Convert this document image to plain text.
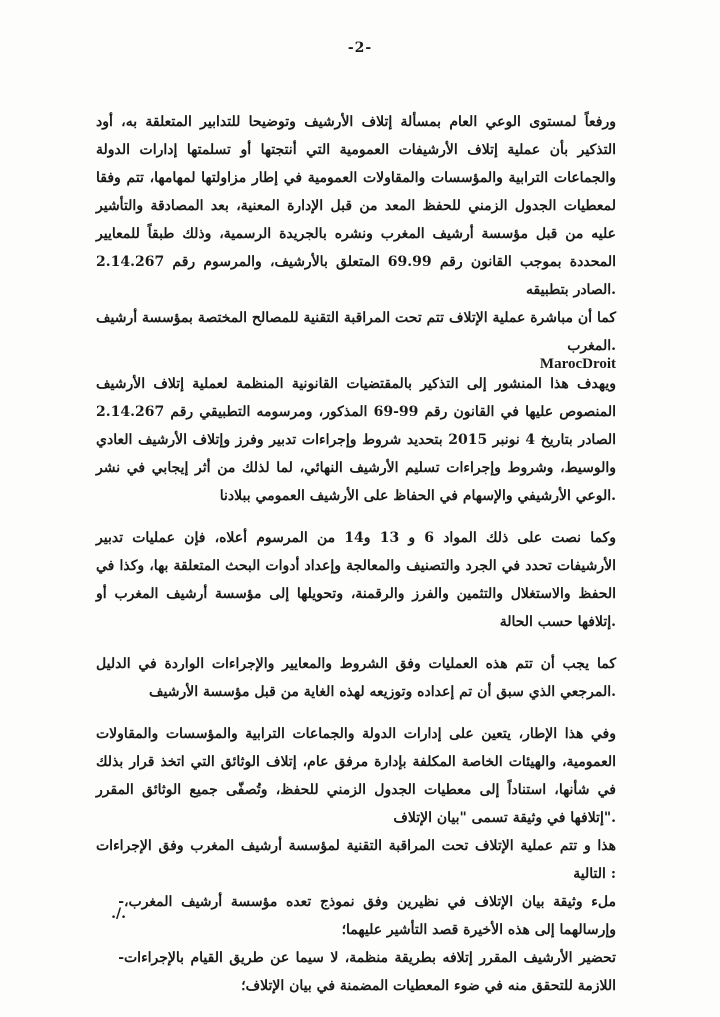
-2-

ورفعاً لمستوى الوعي العام بمسألة إتلاف الأرشيف وتوضيحا للتدابير المتعلقة به، أود التذكير بأن عملية إتلاف الأرشيفات العمومية التي أنتجتها أو تسلمتها إدارات الدولة والجماعات الترابية والمؤسسات والمقاولات العمومية في إطار مزاولتها لمهامها، تتم وفقا لمعطيات الجدول الزمني للحفظ المعد من قبل الإدارة المعنية، بعد المصادقة والتأشير عليه من قبل مؤسسة أرشيف المغرب ونشره بالجريدة الرسمية، وذلك طبقاً للمعايير المحددة بموجب القانون رقم 69.99 المتعلق بالأرشيف، والمرسوم رقم 2.14.267 الصادر بتطبيقه.

كما أن مباشرة عملية الإتلاف تتم تحت المراقبة التقنية للمصالح المختصة بمؤسسة أرشيف المغرب.

MarocDroit

ويهدف هذا المنشور إلى التذكير بالمقتضيات القانونية المنظمة لعملية إتلاف الأرشيف المنصوص عليها في القانون رقم 99-69 المذكور، ومرسومه التطبيقي رقم 2.14.267 الصادر بتاريخ 4 نونبر 2015 بتحديد شروط وإجراءات تدبير وفرز وإتلاف الأرشيف العادي والوسيط، وشروط وإجراءات تسليم الأرشيف النهائي، لما لذلك من أثر إيجابي في نشر الوعي الأرشيفي والإسهام في الحفاظ على الأرشيف العمومي ببلادنا.

وكما نصت على ذلك المواد 6 و 13 و14 من المرسوم أعلاه، فإن عمليات تدبير الأرشيفات تحدد في الجرد والتصنيف والمعالجة وإعداد أدوات البحث المتعلقة بها، وكذا في الحفظ والاستغلال والتثمين والفرز والرقمنة، وتحويلها إلى مؤسسة أرشيف المغرب أو إتلافها حسب الحالة.

كما يجب أن تتم هذه العمليات وفق الشروط والمعايير والإجراءات الواردة في الدليل المرجعي الذي سبق أن تم إعداده وتوزيعه لهذه الغاية من قبل مؤسسة الأرشيف.

وفي هذا الإطار، يتعين على إدارات الدولة والجماعات الترابية والمؤسسات والمقاولات العمومية، والهيئات الخاصة المكلفة بإدارة مرفق عام، إتلاف الوثائق التي اتخذ قرار بذلك في شأنها، استناداً إلى معطيات الجدول الزمني للحفظ، وتُصفّى جميع الوثائق المقرر إتلافها في وثيقة تسمى "بيان الإتلاف".

هذا و تتم عملية الإتلاف تحت المراقبة التقنية لمؤسسة أرشيف المغرب وفق الإجراءات التالية :

- ملء وثيقة بيان الإتلاف في نظيرين وفق نموذج تعده مؤسسة أرشيف المغرب، وإرسالهما إلى هذه الأخيرة قصد التأشير عليهما؛
- تحضير الأرشيف المقرر إتلافه بطريقة منظمة، لا سيما عن طريق القيام بالإجراءات اللازمة للتحقق منه في ضوء المعطيات المضمنة في بيان الإتلاف؛
./.
